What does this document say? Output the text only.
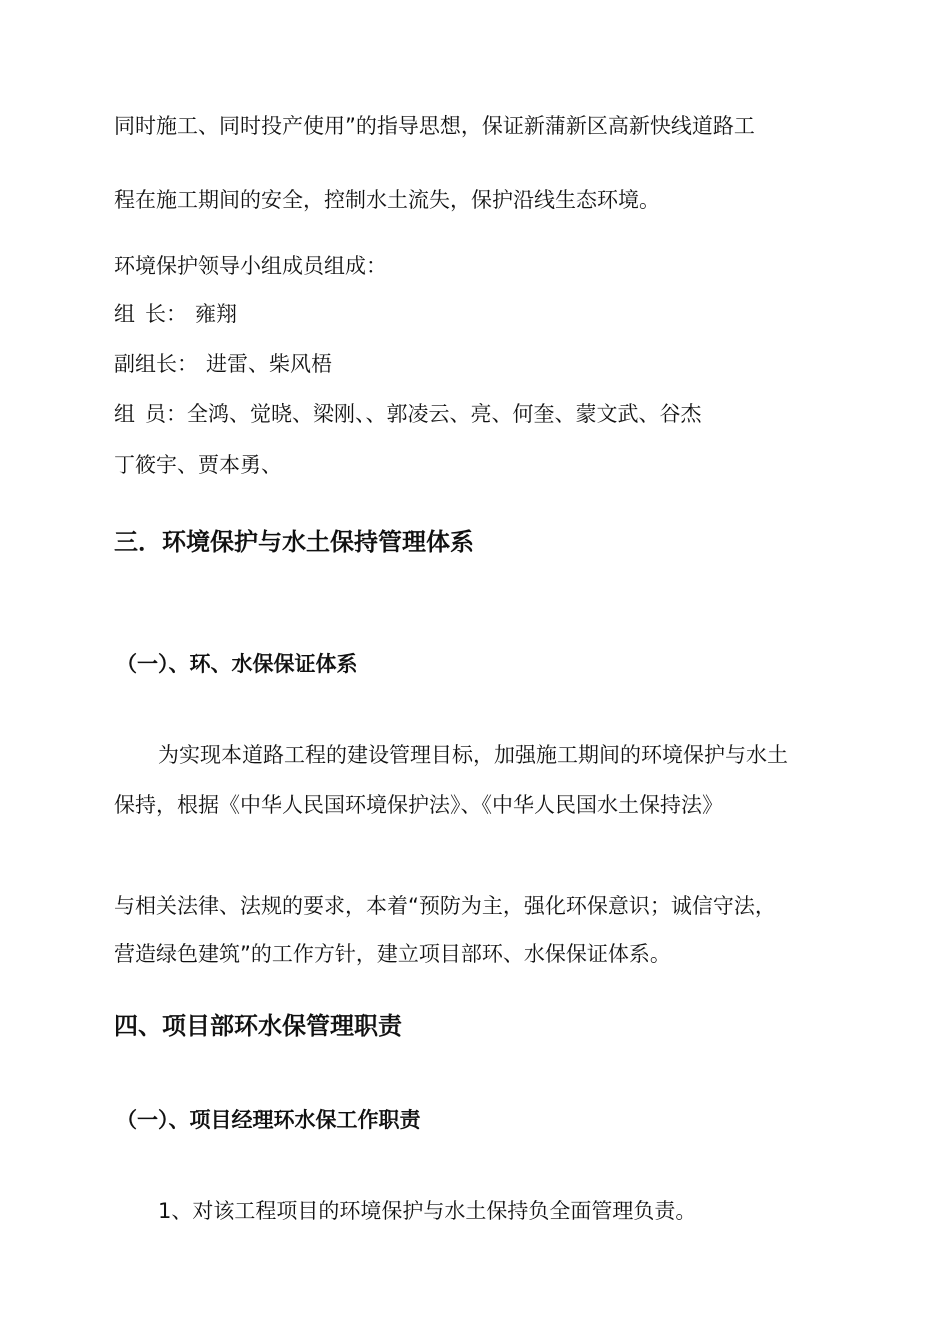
同时施工、同时投产使用”的指导思想，保证新蒲新区高新快线道路工

程在施工期间的安全，控制水土流失，保护沿线生态环境。

环境保护领导小组成员组成：

组 长： 雍翔

副组长： 进雷、柴风梧

组 员：全鸿、觉晓、梁刚、、郭凌云、亮、何奎、蒙文武、谷杰

丁筱宇、贾本勇、

三．环境保护与水土保持管理体系

（一）、环、水保保证体系

为实现本道路工程的建设管理目标，加强施工期间的环境保护与水土

保持，根据《中华人民国环境保护法》、《中华人民国水土保持法》

与相关法律、法规的要求，本着“预防为主，强化环保意识；诚信守法，

营造绿色建筑”的工作方针，建立项目部环、水保保证体系。

四、项目部环水保管理职责

（一）、项目经理环水保工作职责

1、对该工程项目的环境保护与水土保持负全面管理负责。
